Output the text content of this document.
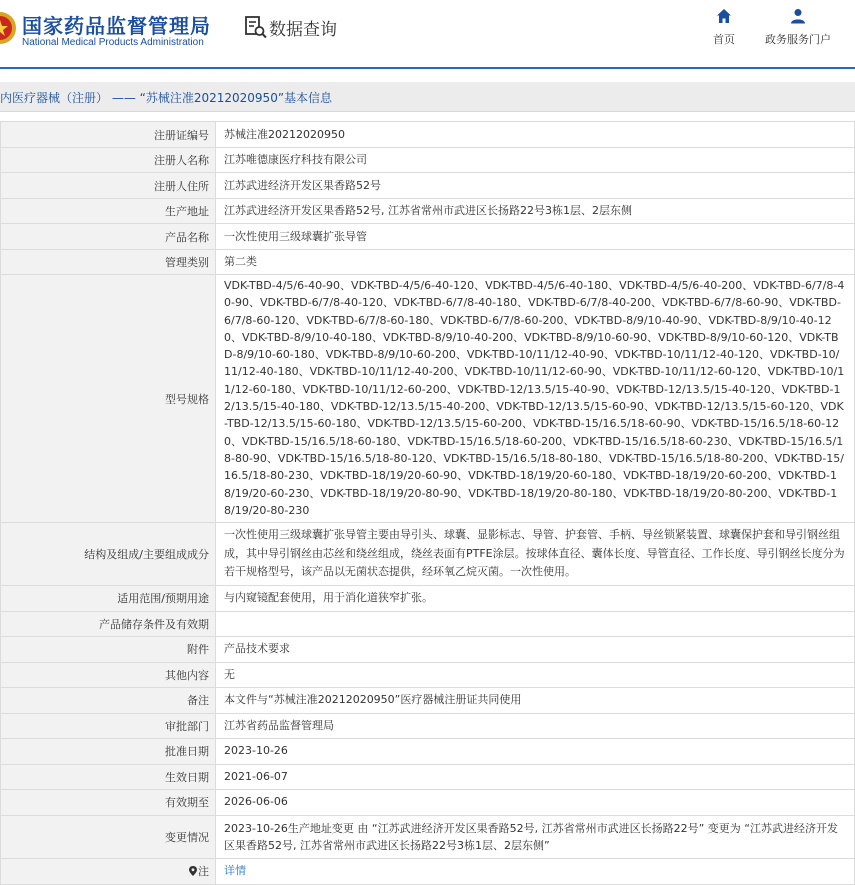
国家药品监督管理局
National Medical Products Administration
数据查询	首页	政务服务门户
内医疗器械（注册） —— “苏械注准20212020950”基本信息
注册证编号	苏械注准20212020950
注册人名称	江苏唯德康医疗科技有限公司
注册人住所	江苏武进经济开发区果香路52号
生产地址	江苏武进经济开发区果香路52号, 江苏省常州市武进区长扬路22号3栋1层、2层东侧
产品名称	一次性使用三级球囊扩张导管
管理类别	第二类
型号规格	VDK-TBD-4/5/6-40-90、VDK-TBD-4/5/6-40-120、VDK-TBD-4/5/6-40-180、VDK-TBD-4/5/6-40-200、VDK-TBD-6/7/8-40-90、VDK-TBD-6/7/8-40-120、VDK-TBD-6/7/8-40-180、VDK-TBD-6/7/8-40-200、VDK-TBD-6/7/8-60-90、VDK-TBD-6/7/8-60-120、VDK-TBD-6/7/8-60-180、VDK-TBD-6/7/8-60-200、VDK-TBD-8/9/10-40-90、VDK-TBD-8/9/10-40-120、VDK-TBD-8/9/10-40-180、VDK-TBD-8/9/10-40-200、VDK-TBD-8/9/10-60-90、VDK-TBD-8/9/10-60-120、VDK-TBD-8/9/10-60-180、VDK-TBD-8/9/10-60-200、VDK-TBD-10/11/12-40-90、VDK-TBD-10/11/12-40-120、VDK-TBD-10/11/12-40-180、VDK-TBD-10/11/12-40-200、VDK-TBD-10/11/12-60-90、VDK-TBD-10/11/12-60-120、VDK-TBD-10/11/12-60-180、VDK-TBD-10/11/12-60-200、VDK-TBD-12/13.5/15-40-90、VDK-TBD-12/13.5/15-40-120、VDK-TBD-12/13.5/15-40-180、VDK-TBD-12/13.5/15-40-200、VDK-TBD-12/13.5/15-60-90、VDK-TBD-12/13.5/15-60-120、VDK-TBD-12/13.5/15-60-180、VDK-TBD-12/13.5/15-60-200、VDK-TBD-15/16.5/18-60-90、VDK-TBD-15/16.5/18-60-120、VDK-TBD-15/16.5/18-60-180、VDK-TBD-15/16.5/18-60-200、VDK-TBD-15/16.5/18-60-230、VDK-TBD-15/16.5/18-80-90、VDK-TBD-15/16.5/18-80-120、VDK-TBD-15/16.5/18-80-180、VDK-TBD-15/16.5/18-80-200、VDK-TBD-15/16.5/18-80-230、VDK-TBD-18/19/20-60-90、VDK-TBD-18/19/20-60-180、VDK-TBD-18/19/20-60-200、VDK-TBD-18/19/20-60-230、VDK-TBD-18/19/20-80-90、VDK-TBD-18/19/20-80-180、VDK-TBD-18/19/20-80-200、VDK-TBD-18/19/20-80-230
结构及组成/主要组成成分	一次性使用三级球囊扩张导管主要由导引头、球囊、显影标志、导管、护套管、手柄、导丝锁紧装置、球囊保护套和导引钢丝组成，其中导引钢丝由芯丝和绕丝组成，绕丝表面有PTFE涂层。按球体直径、囊体长度、导管直径、工作长度、导引钢丝长度分为若干规格型号，该产品以无菌状态提供，经环氧乙烷灭菌。一次性使用。
适用范围/预期用途	与内窥镜配套使用，用于消化道狭窄扩张。
产品储存条件及有效期	
附件	产品技术要求
其他内容	无
备注	本文件与“苏械注准20212020950”医疗器械注册证共同使用
审批部门	江苏省药品监督管理局
批准日期	2023-10-26
生效日期	2021-06-07
有效期至	2026-06-06
变更情况	2023-10-26生产地址变更 由 “江苏武进经济开发区果香路52号, 江苏省常州市武进区长扬路22号” 变更为 “江苏武进经济开发区果香路52号, 江苏省常州市武进区长扬路22号3栋1层、2层东侧”
注	详情
